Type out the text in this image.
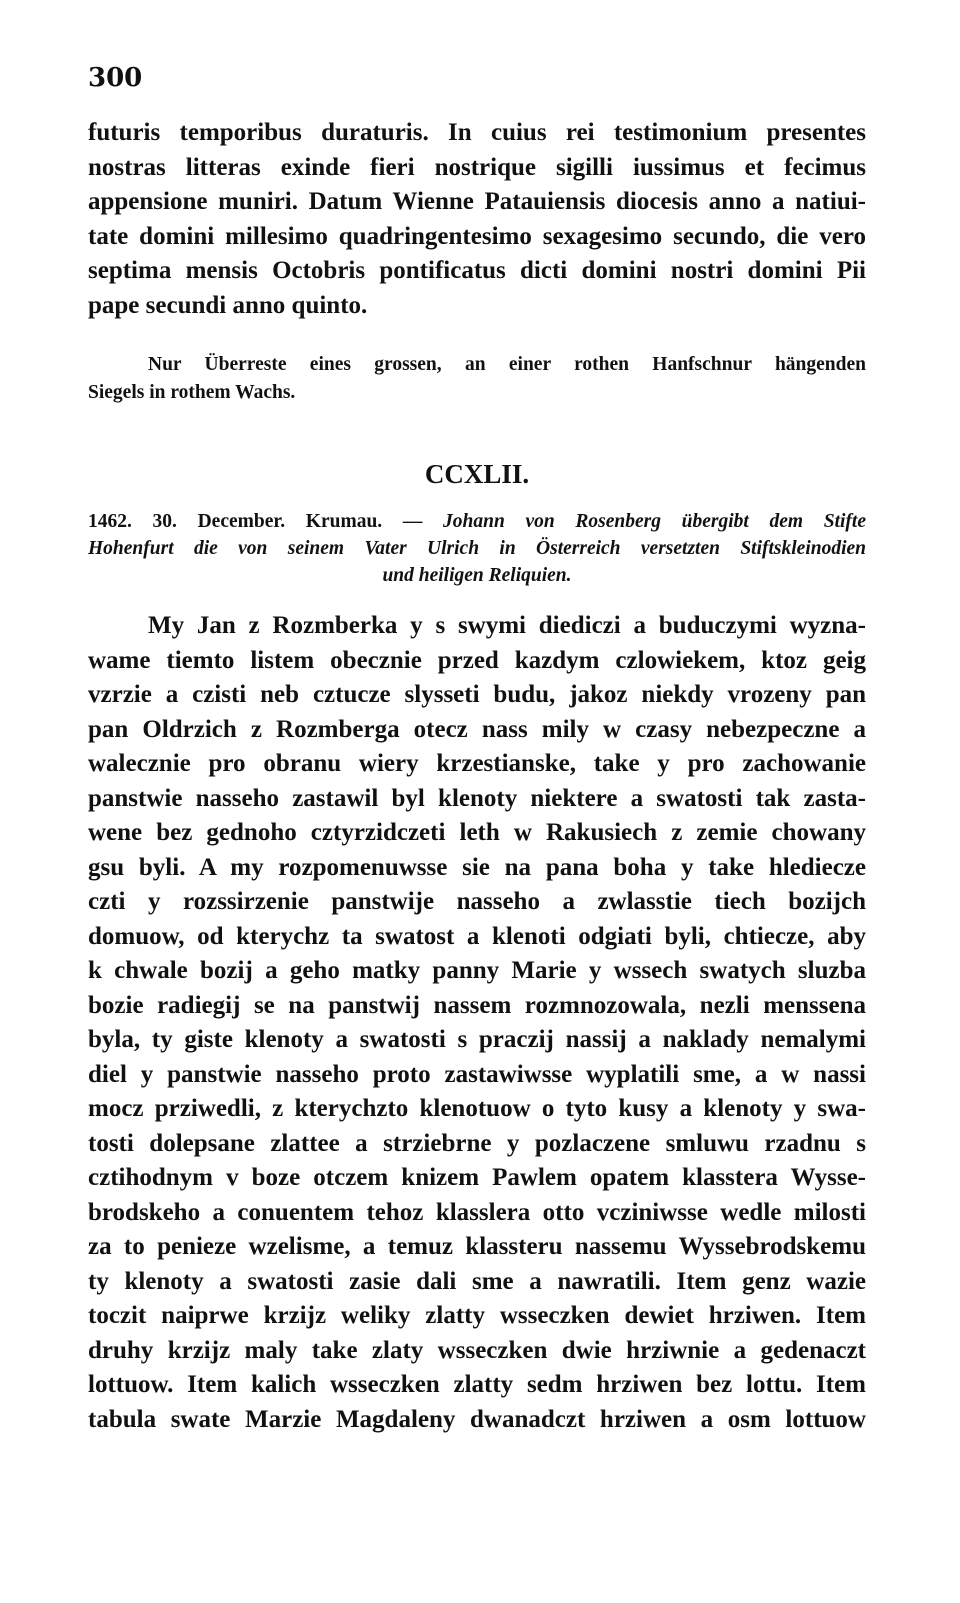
300
futuris temporibus duraturis. In cuius rei testimonium presentes
nostras litteras exinde fieri nostrique sigilli iussimus et fecimus
appensione muniri. Datum Wienne Patauiensis diocesis anno a natiui-
tate domini millesimo quadringentesimo sexagesimo secundo, die vero
septima mensis Octobris pontificatus dicti domini nostri domini Pii
pape secundi anno quinto.
Nur Überreste eines grossen, an einer rothen Hanfschnur hängenden
Siegels in rothem Wachs.
CCXLII.
1462. 30. December. Krumau. — Johann von Rosenberg übergibt dem Stifte
Hohenfurt die von seinem Vater Ulrich in Österreich versetzten Stiftskleinodien
und heiligen Reliquien.
My Jan z Rozmberka y s swymi diediczi a buduczymi wyzna-
wame tiemto listem obecznie przed kazdym czlowiekem, ktoz geig
vzrzie a czisti neb cztucze slysseti budu, jakoz niekdy vrozeny pan
pan Oldrzich z Rozmberga otecz nass mily w czasy nebezpeczne a
walecznie pro obranu wiery krzestianske, take y pro zachowanie
panstwie nasseho zastawil byl klenoty niektere a swatosti tak zasta-
wene bez gednoho cztyrzidczeti leth w Rakusiech z zemie chowany
gsu byli. A my rozpomenuwsse sie na pana boha y take hlediecze
czti y rozssirzenie panstwije nasseho a zwlasstie tiech bozijch
domuow, od kterychz ta swatost a klenoti odgiati byli, chtiecze, aby
k chwale bozij a geho matky panny Marie y wssech swatych sluzba
bozie radiegij se na panstwij nassem rozmnozowala, nezli menssena
byla, ty giste klenoty a swatosti s praczij nassij a naklady nemalymi
diel y panstwie nasseho proto zastawiwsse wyplatili sme, a w nassi
mocz prziwedli, z kterychzto klenotuow o tyto kusy a klenoty y swa-
tosti dolepsane zlattee a strziebrne y pozlaczene smluwu rzadnu s
cztihodnym v boze otczem knizem Pawlem opatem klasstera Wysse-
brodskeho a conuentem tehoz klasslera otto vcziniwsse wedle milosti
za to penieze wzelisme, a temuz klassteru nassemu Wyssebrodskemu
ty klenoty a swatosti zasie dali sme a nawratili. Item genz wazie
toczit naiprwe krzijz weliky zlatty wsseczken dewiet hrziwen. Item
druhy krzijz maly take zlaty wsseczken dwie hrziwnie a gedenaczt
lottuow. Item kalich wsseczken zlatty sedm hrziwen bez lottu. Item
tabula swate Marzie Magdaleny dwanadczt hrziwen a osm lottuow
